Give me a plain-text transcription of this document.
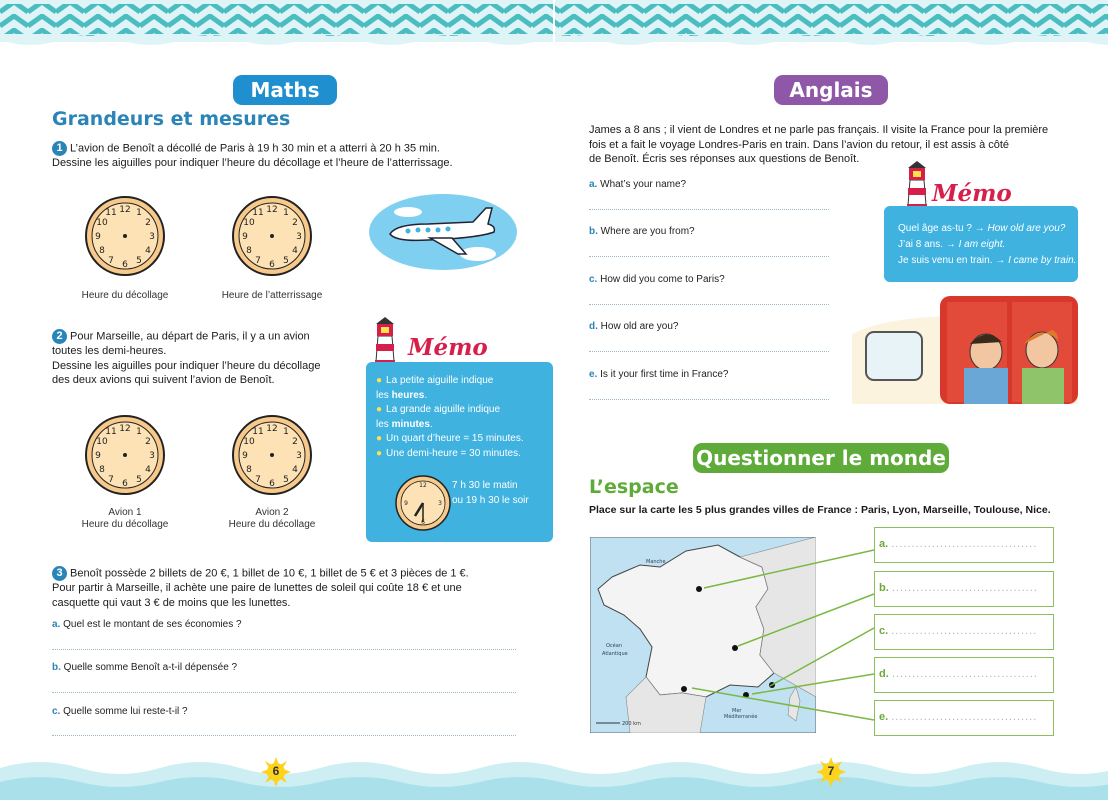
Maths
Grandeurs et mesures
1 L’avion de Benoît a décollé de Paris à 19 h 30 min et a atterri à 20 h 35 min.
Dessine les aiguilles pour indiquer l’heure du décollage et l’heure de l’atterrissage.
12 1
2
3
4
5
6
7
8
9
10
11	12 1
2
3
4
5
6
7
8
9
10
11
Heure du décollage	Heure de l’atterrissage
2 Pour Marseille, au départ de Paris, il y a un avion
toutes les demi-heures.
Dessine les aiguilles pour indiquer l’heure du décollage
des deux avions qui suivent l’avion de Benoît.
12 1
2
3
4
5
6
7
8
9
10
11	12 1
2
3
4
5
6
7
8
9
10
11
Avion 1
Heure du décollage
Avion 2
Heure du décollage
● La petite aiguille indique
les heures.
● La grande aiguille indique
les minutes.
● Un quart d’heure = 15 minutes.
● Une demi-heure = 30 minutes.
12
3
6
9
7 h 30 le matin
ou 19 h 30 le soir
Mémo
3 Benoît possède 2 billets de 20 €, 1 billet de 10 €, 1 billet de 5 € et 3 pièces de 1 €.
Pour partir à Marseille, il achète une paire de lunettes de soleil qui coûte 18 € et une
casquette qui vaut 3 € de moins que les lunettes.
a. Quel est le montant de ses économies ?
b. Quelle somme Benoît a-t-il dépensée ?
c. Quelle somme lui reste-t-il ?
6
Anglais
James a 8 ans ; il vient de Londres et ne parle pas français. Il visite la France pour la première
fois et a fait le voyage Londres-Paris en train. Dans l’avion du retour, il est assis à côté
de Benoît. Écris ses réponses aux questions de Benoît.
a. What’s your name?
b. Where are you from?
c. How did you come to Paris?
d. How old are you?
e. Is it your first time in France?
Quel âge as-tu ? → How old are you?
J’ai 8 ans. → I am eight.
Je suis venu en train. → I came by train.
Mémo
Questionner le monde
L’espace
Place sur la carte les 5 plus grandes villes de France : Paris, Lyon, Marseille, Toulouse, Nice.
Manche
Océan
Atlantique
Mer
Méditerranée
200 km
a. ....................................
b. ....................................
c. ....................................
d. ....................................
e. ....................................
7
